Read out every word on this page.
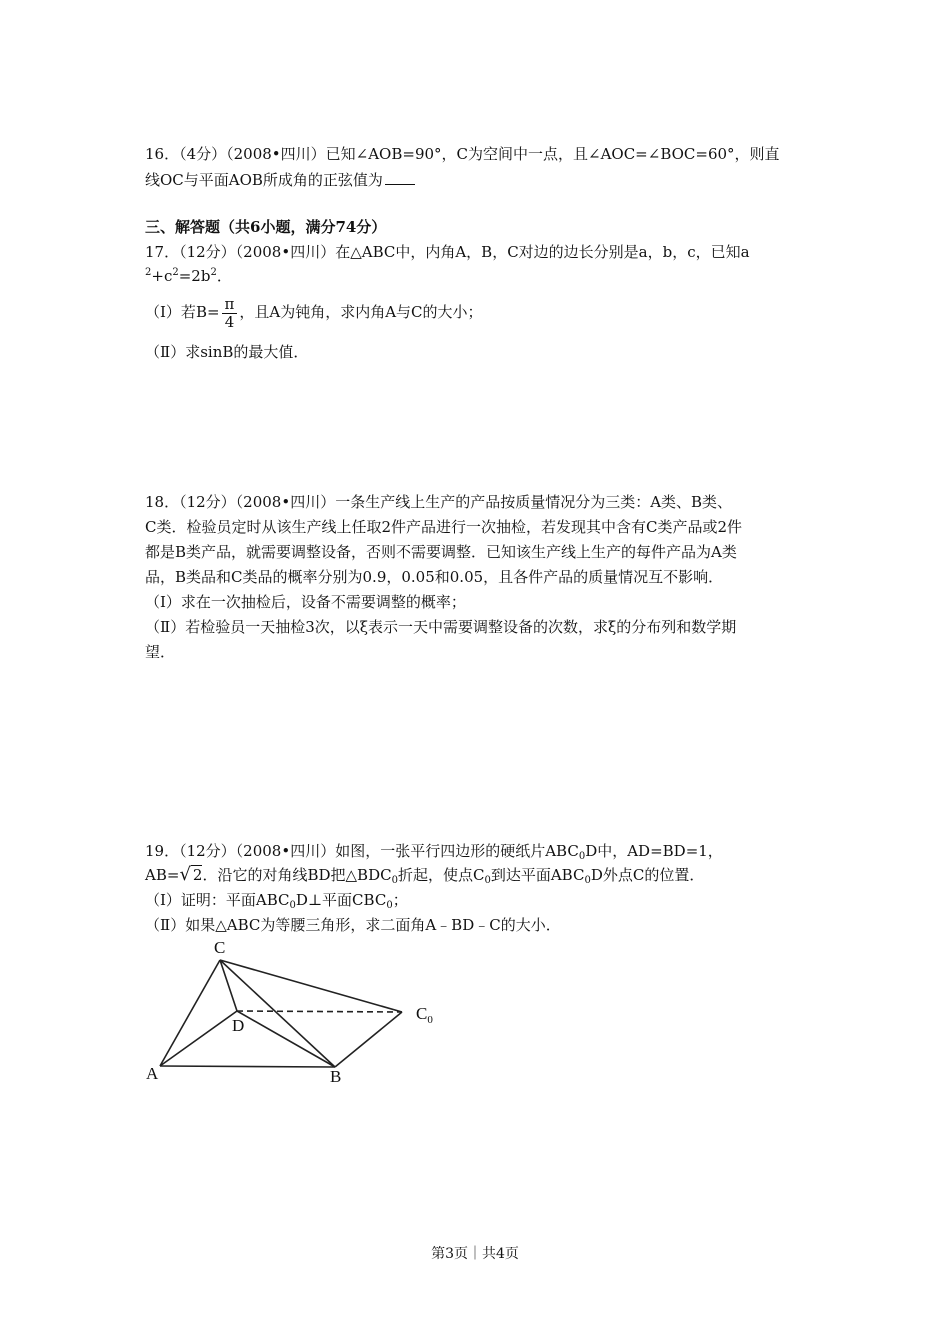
16．（4分）（2008•四川）已知∠AOB=90°，C为空间中一点，且∠AOC=∠BOC=60°，则直
线OC与平面AOB所成角的正弦值为
三、解答题（共6小题，满分74分）
17．（12分）（2008•四川）在△ABC中，内角A，B，C对边的边长分别是a，b，c，已知a
$^2+c^2=2b^2$．
（Ⅰ）若$B= \frac{\pi}{4}$ ，且A为钝角，求内角A与C的大小；
（Ⅱ）求sinB的最大值．
18．（12分）（2008•四川）一条生产线上生产的产品按质量情况分为三类：A类、B类、
C类．检验员定时从该生产线上任取2件产品进行一次抽检，若发现其中含有C类产品或2件
都是B类产品，就需要调整设备，否则不需要调整．已知该生产线上生产的每件产品为A类
品，B类品和C类品的概率分别为0.9，0.05和0.05，且各件产品的质量情况互不影响．
（Ⅰ）求在一次抽检后，设备不需要调整的概率；
（Ⅱ）若检验员一天抽检3次，以ξ表示一天中需要调整设备的次数，求ξ的分布列和数学期
望．
19．（12分）（2008•四川）如图，一张平行四边形的硬纸片$ABC_0D$中，AD=BD=1，
AB=√ 2．沿它的对角线BD把$\triangle BDC_0$折起，使点$C_0$到达平面$ABC_0D$外点C的位置．
（Ⅰ）证明：平面$ABC_0D\perp$平面$CBC_0$；
（Ⅱ）如果△ABC为等腰三角形，求二面角A﹣BD﹣C的大小．
C
D
$C_0$
A	B
第3页｜共4页
